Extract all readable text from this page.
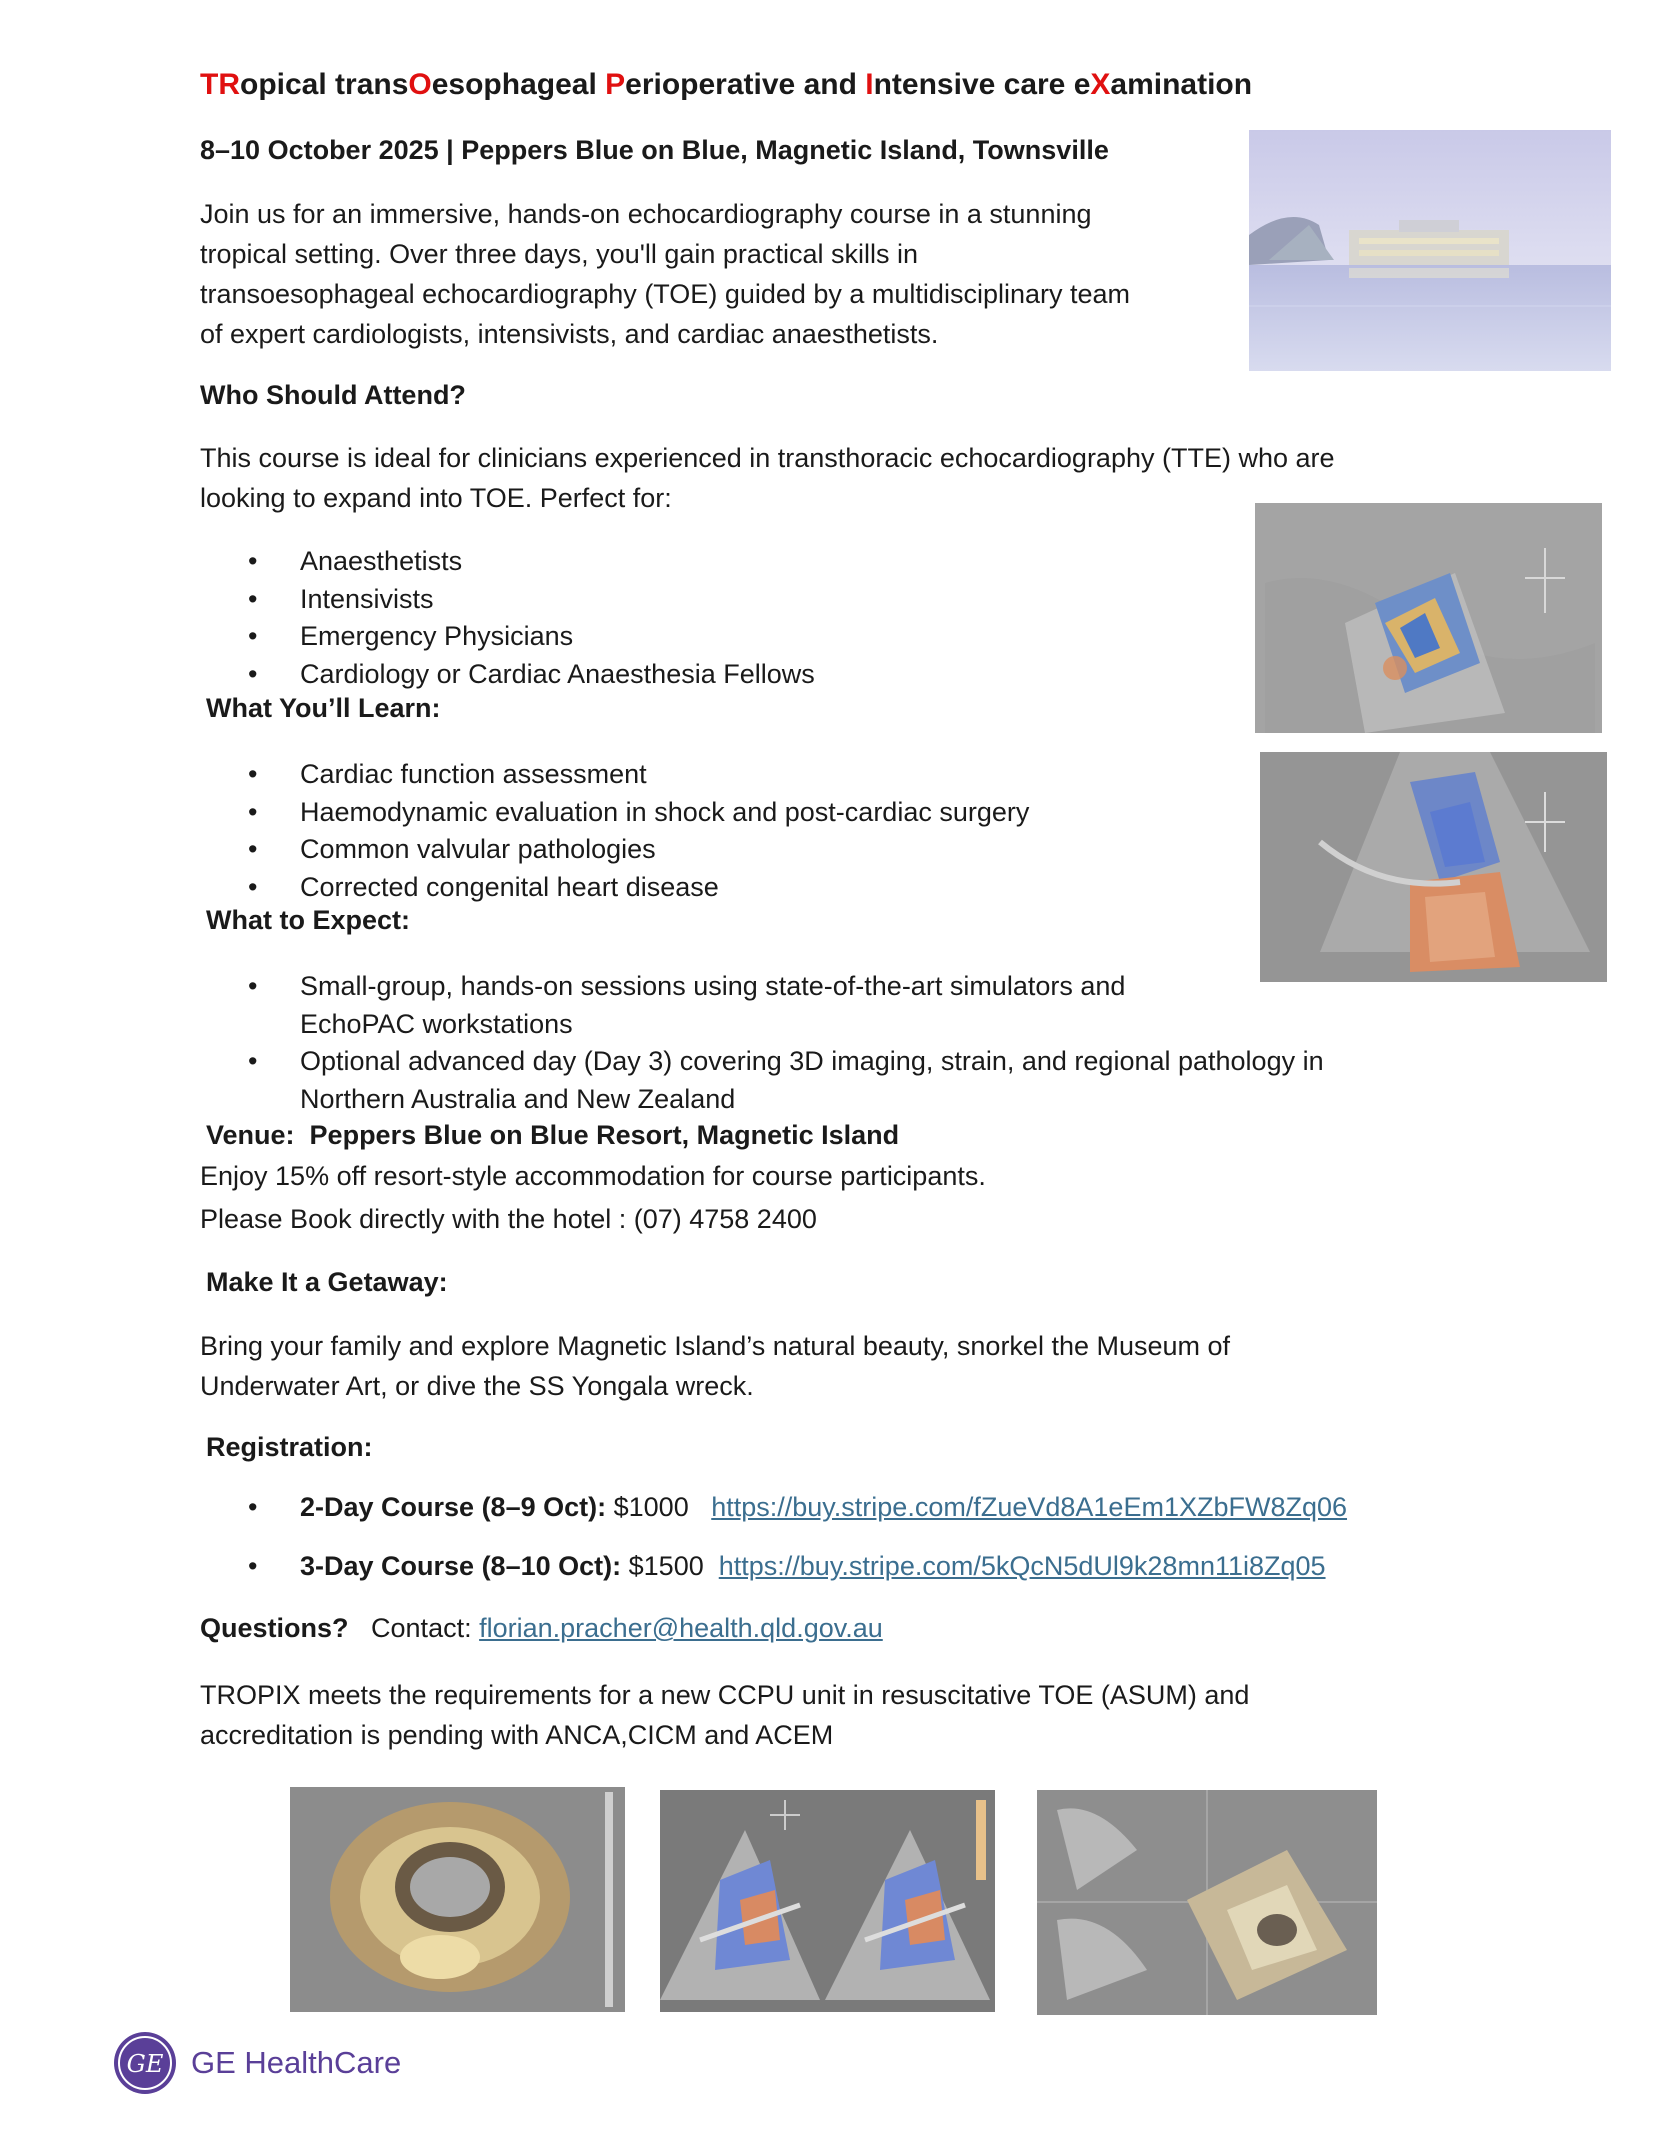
TRopical transOesophageal Perioperative and Intensive care eXamination
8–10 October 2025 | Peppers Blue on Blue, Magnetic Island, Townsville
Join us for an immersive, hands-on echocardiography course in a stunning
tropical setting. Over three days, you'll gain practical skills in
transoesophageal echocardiography (TOE) guided by a multidisciplinary team
of expert cardiologists, intensivists, and cardiac anaesthetists.
Who Should Attend?
This course is ideal for clinicians experienced in transthoracic echocardiography (TTE) who are
looking to expand into TOE. Perfect for:
• Anaesthetists
• Intensivists
• Emergency Physicians
• Cardiology or Cardiac Anaesthesia Fellows
What You’ll Learn:
• Cardiac function assessment
• Haemodynamic evaluation in shock and post-cardiac surgery
• Common valvular pathologies
• Corrected congenital heart disease
What to Expect:
• Small-group, hands-on sessions using state-of-the-art simulators and
EchoPAC workstations
• Optional advanced day (Day 3) covering 3D imaging, strain, and regional pathology in
Northern Australia and New Zealand
Venue: Peppers Blue on Blue Resort, Magnetic Island
Enjoy 15% off resort-style accommodation for course participants.
Please Book directly with the hotel : (07) 4758 2400
Make It a Getaway:
Bring your family and explore Magnetic Island’s natural beauty, snorkel the Museum of
Underwater Art, or dive the SS Yongala wreck.
Registration:
• 2-Day Course (8–9 Oct): $1000 https://buy.stripe.com/fZueVd8A1eEm1XZbFW8Zq06
• 3-Day Course (8–10 Oct): $1500 https://buy.stripe.com/5kQcN5dUl9k28mn11i8Zq05
Questions? Contact: florian.pracher@health.qld.gov.au
TROPIX meets the requirements for a new CCPU unit in resuscitative TOE (ASUM) and
accreditation is pending with ANCA,CICM and ACEM
GE GE HealthCare
